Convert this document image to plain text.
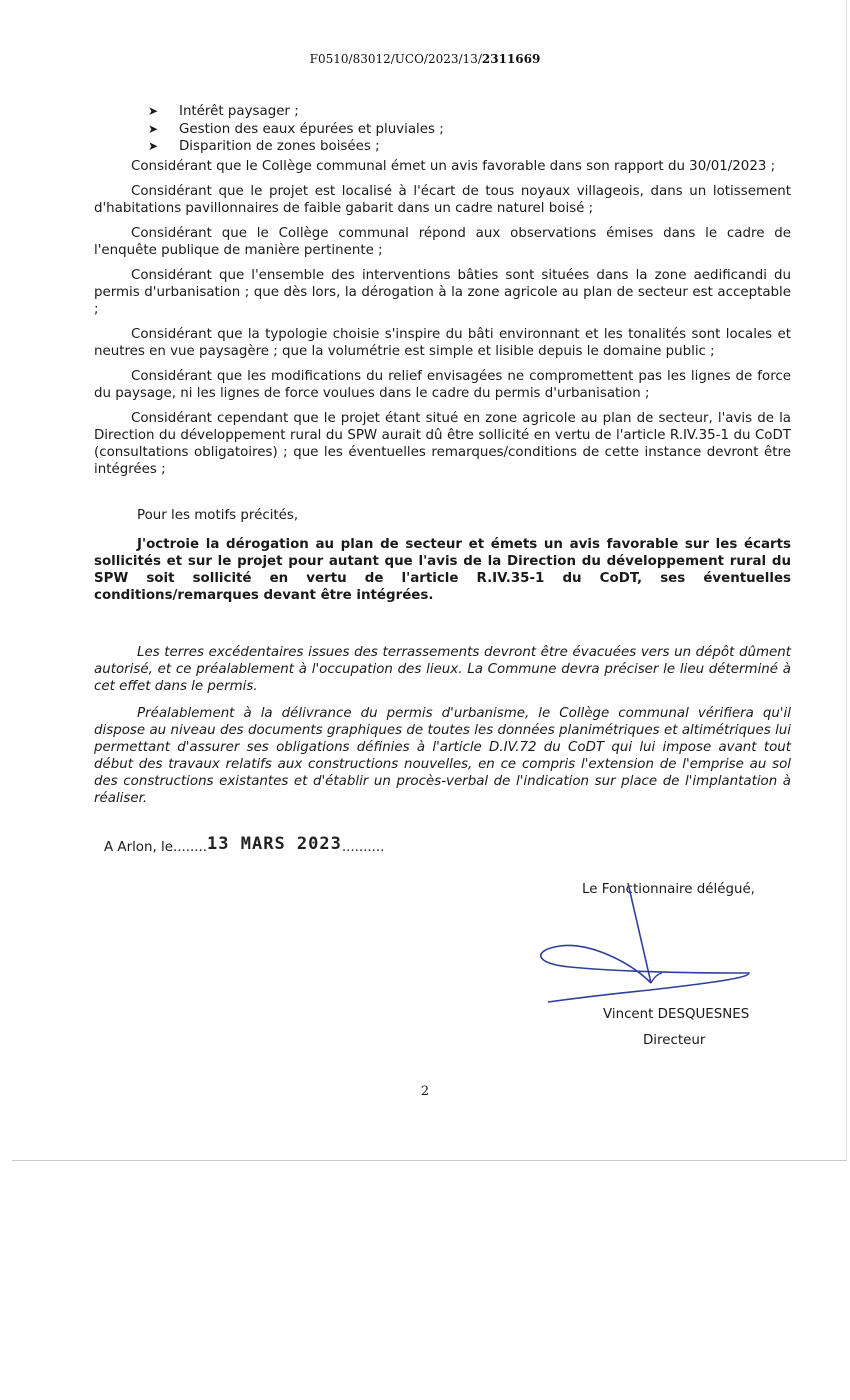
F0510/83012/UCO/2023/13/2311669
➤ Intérêt paysager ;
➤ Gestion des eaux épurées et pluviales ;
➤ Disparition de zones boisées ;

Considérant que le Collège communal émet un avis favorable dans son rapport du 30/01/2023 ;

Considérant que le projet est localisé à l'écart de tous noyaux villageois, dans un lotissement d'habitations pavillonnaires de faible gabarit dans un cadre naturel boisé ;

Considérant que le Collège communal répond aux observations émises dans le cadre de l'enquête publique de manière pertinente ;

Considérant que l'ensemble des interventions bâties sont situées dans la zone aedificandi du permis d'urbanisation ; que dès lors, la dérogation à la zone agricole au plan de secteur est acceptable ;

Considérant que la typologie choisie s'inspire du bâti environnant et les tonalités sont locales et neutres en vue paysagère ; que la volumétrie est simple et lisible depuis le domaine public ;

Considérant que les modifications du relief envisagées ne compromettent pas les lignes de force du paysage, ni les lignes de force voulues dans le cadre du permis d'urbanisation ;

Considérant cependant que le projet étant situé en zone agricole au plan de secteur, l'avis de la Direction du développement rural du SPW aurait dû être sollicité en vertu de l'article R.IV.35-1 du CoDT (consultations obligatoires) ; que les éventuelles remarques/conditions de cette instance devront être intégrées ;

Pour les motifs précités,

J'octroie la dérogation au plan de secteur et émets un avis favorable sur les écarts sollicités et sur le projet pour autant que l'avis de la Direction du développement rural du SPW soit sollicité en vertu de l'article R.IV.35-1 du CoDT, ses éventuelles conditions/remarques devant être intégrées.

Les terres excédentaires issues des terrassements devront être évacuées vers un dépôt dûment autorisé, et ce préalablement à l'occupation des lieux. La Commune devra préciser le lieu déterminé à cet effet dans le permis.

Préalablement à la délivrance du permis d'urbanisme, le Collège communal vérifiera qu'il dispose au niveau des documents graphiques de toutes les données planimétriques et altimétriques lui permettant d'assurer ses obligations définies à l'article D.IV.72 du CoDT qui lui impose avant tout début des travaux relatifs aux constructions nouvelles, en ce compris l'extension de l'emprise au sol des constructions existantes et d'établir un procès-verbal de l'indication sur place de l'implantation à réaliser.

A Arlon, le........13 MARS 2023..........
Le Fonctionnaire délégué,
Vincent DESQUESNES
Directeur
2
